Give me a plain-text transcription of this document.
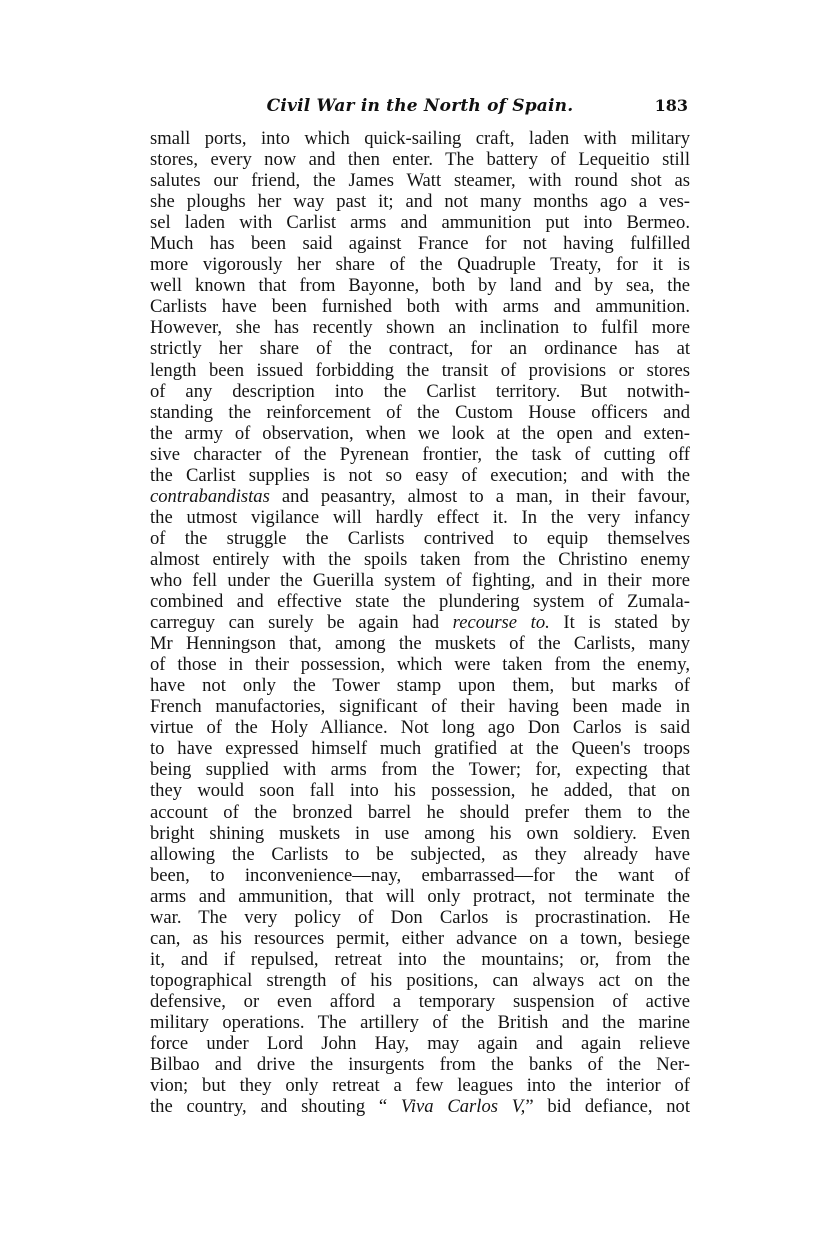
Civil War in the North of Spain.	183
small ports, into which quick-sailing craft, laden with military
stores, every now and then enter. The battery of Lequeitio still
salutes our friend, the James Watt steamer, with round shot as
she ploughs her way past it; and not many months ago a ves-
sel laden with Carlist arms and ammunition put into Bermeo.
Much has been said against France for not having fulfilled
more vigorously her share of the Quadruple Treaty, for it is
well known that from Bayonne, both by land and by sea, the
Carlists have been furnished both with arms and ammunition.
However, she has recently shown an inclination to fulfil more
strictly her share of the contract, for an ordinance has at
length been issued forbidding the transit of provisions or stores
of any description into the Carlist territory. But notwith-
standing the reinforcement of the Custom House officers and
the army of observation, when we look at the open and exten-
sive character of the Pyrenean frontier, the task of cutting off
the Carlist supplies is not so easy of execution; and with the
contrabandistas and peasantry, almost to a man, in their favour,
the utmost vigilance will hardly effect it. In the very infancy
of the struggle the Carlists contrived to equip themselves
almost entirely with the spoils taken from the Christino enemy
who fell under the Guerilla system of fighting, and in their more
combined and effective state the plundering system of Zumala-
carreguy can surely be again had recourse to. It is stated by
Mr Henningson that, among the muskets of the Carlists, many
of those in their possession, which were taken from the enemy,
have not only the Tower stamp upon them, but marks of
French manufactories, significant of their having been made in
virtue of the Holy Alliance. Not long ago Don Carlos is said
to have expressed himself much gratified at the Queen's troops
being supplied with arms from the Tower; for, expecting that
they would soon fall into his possession, he added, that on
account of the bronzed barrel he should prefer them to the
bright shining muskets in use among his own soldiery. Even
allowing the Carlists to be subjected, as they already have
been, to inconvenience—nay, embarrassed—for the want of
arms and ammunition, that will only protract, not terminate the
war. The very policy of Don Carlos is procrastination. He
can, as his resources permit, either advance on a town, besiege
it, and if repulsed, retreat into the mountains; or, from the
topographical strength of his positions, can always act on the
defensive, or even afford a temporary suspension of active
military operations. The artillery of the British and the marine
force under Lord John Hay, may again and again relieve
Bilbao and drive the insurgents from the banks of the Ner-
vion; but they only retreat a few leagues into the interior of
the country, and shouting “ Viva Carlos V,” bid defiance, not
